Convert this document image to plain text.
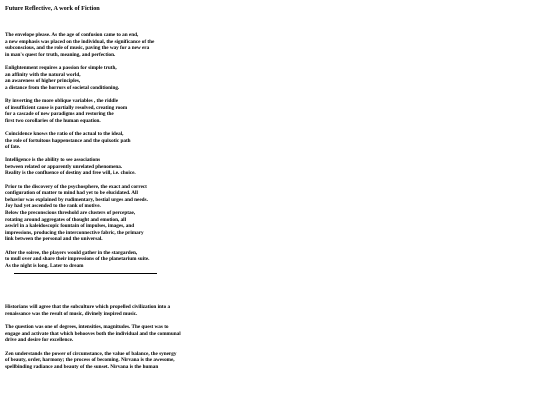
Future Reflective, A work of Fiction
The envelope please. As the age of confusion came to an end,
a new emphasis was placed on the individual, the significance of the
subconscious, and the role of music, paving the way for a new era
in man's quest for truth, meaning, and perfection.
Enlightenment requires a passion for simple truth,
an affinity with the natural world,
an awareness of higher principles,
a distance from the horrors of societal conditioning.
By inverting the more oblique variables , the riddle
of insufficient cause is partially resolved, creating room
for a cascade of new paradigms and restoring the
first two corollaries of the human equation.
Coincidence knows the ratio of the actual to the ideal,
the role of fortuitous happenstance and the quixotic path
of fate.
Intelligence is the ability to see associations
between related or apparently unrelated phenomena.
Reality is the confluence of destiny and free will, i.e. choice.
Prior to the discovery of the psychosphere, the exact and correct
configuration of matter to mind had yet to be elucidated. All
behavior was explained by rudimentary, bestial urges and needs.
Joy had yet ascended to the rank of motive.
Below the preconscious threshold are clusters of perceptae,
rotating around aggregates of thought and emotion, all
aswirl in a kaleidoscopic fountain of impulses, images, and
impressions, producing the interconnective fabric, the primary
link between the personal and the universal.
After the soiree, the players would gather in the stargarden,
to mull over and share their impressions of the planetarium suite.
As the night is long. Later to dream
Historians will agree that the subculture which propelled civilization into a
renaissance was the result of music, divinely inspired music.
The question was one of degrees, intensities, magnitudes. The quest was to
engage and activate that which behooves both the individual and the communal
drive and desire for excellence.
Zen understands the power of circumstance, the value of balance, the synergy
of beauty, order, harmony; the process of becoming. Nirvana is the awesome,
spellbinding radiance and beauty of the sunset. Nirvana is the human
